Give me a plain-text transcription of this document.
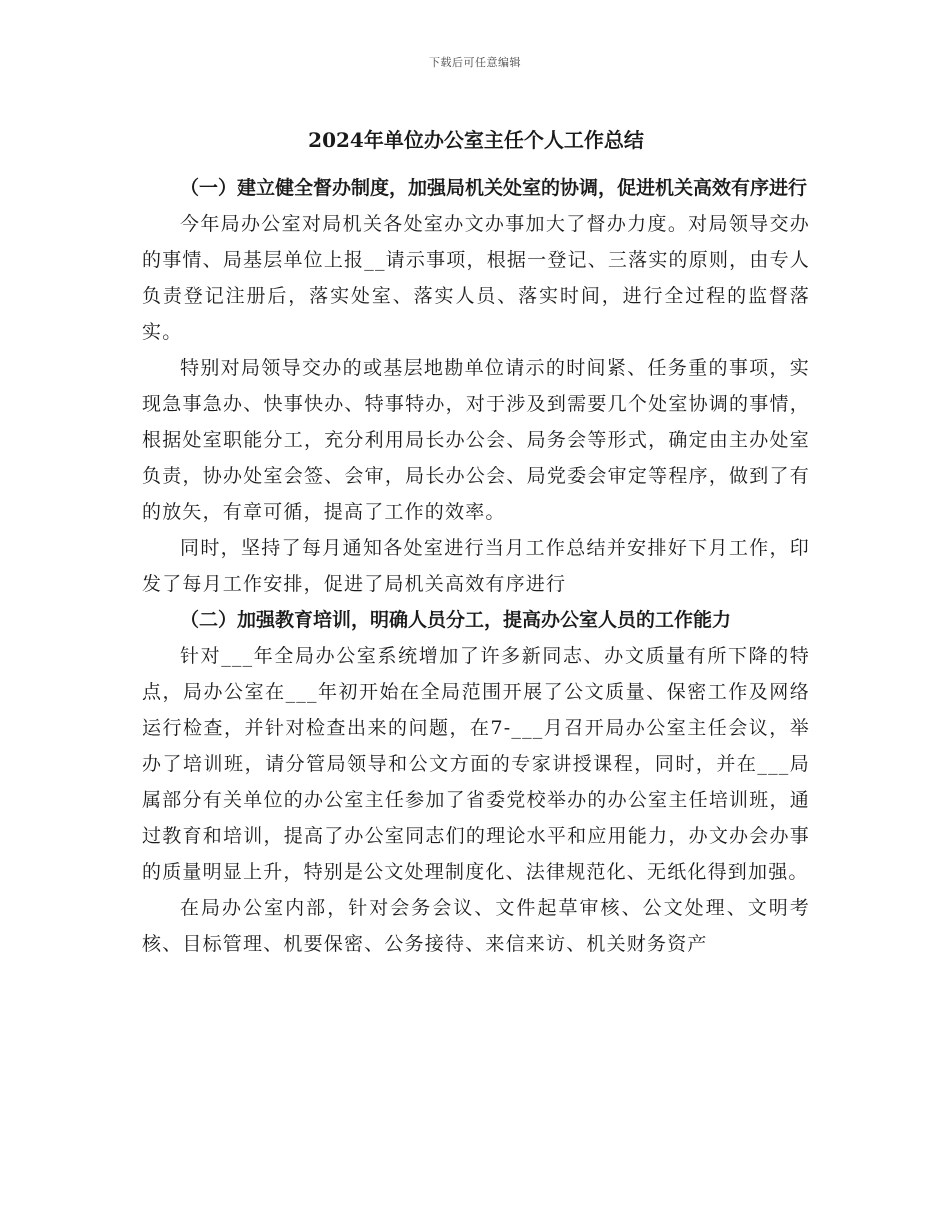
下载后可任意编辑
2024年单位办公室主任个人工作总结

（一）建立健全督办制度，加强局机关处室的协调，促进机关高效有序进行

今年局办公室对局机关各处室办文办事加大了督办力度。对局领导交办的事情、局基层单位上报__请示事项，根据一登记、三落实的原则，由专人负责登记注册后，落实处室、落实人员、落实时间，进行全过程的监督落实。

特别对局领导交办的或基层地勘单位请示的时间紧、任务重的事项，实现急事急办、快事快办、特事特办，对于涉及到需要几个处室协调的事情，根据处室职能分工，充分利用局长办公会、局务会等形式，确定由主办处室负责，协办处室会签、会审，局长办公会、局党委会审定等程序，做到了有的放矢，有章可循，提高了工作的效率。

同时，坚持了每月通知各处室进行当月工作总结并安排好下月工作，印发了每月工作安排，促进了局机关高效有序进行

（二）加强教育培训，明确人员分工，提高办公室人员的工作能力

针对___年全局办公室系统增加了许多新同志、办文质量有所下降的特点，局办公室在___年初开始在全局范围开展了公文质量、保密工作及网络运行检查，并针对检查出来的问题，在7-___月召开局办公室主任会议，举办了培训班，请分管局领导和公文方面的专家讲授课程，同时，并在___局属部分有关单位的办公室主任参加了省委党校举办的办公室主任培训班，通过教育和培训，提高了办公室同志们的理论水平和应用能力，办文办会办事的质量明显上升，特别是公文处理制度化、法律规范化、无纸化得到加强。

在局办公室内部，针对会务会议、文件起草审核、公文处理、文明考核、目标管理、机要保密、公务接待、来信来访、机关财务资产
